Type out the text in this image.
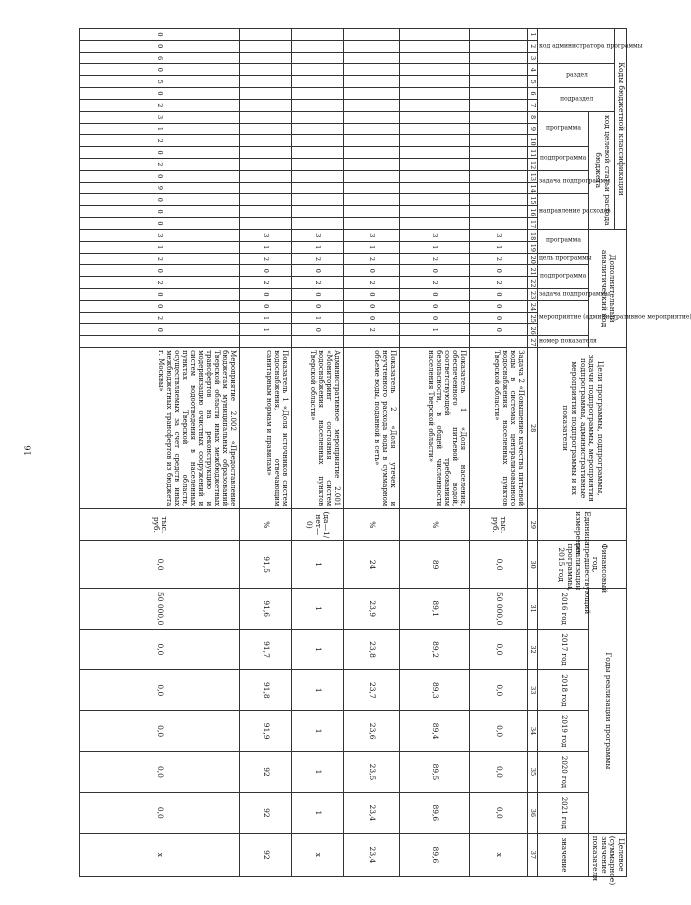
16
Коды бюджетной классификации																	Дополнительный аналитический код										Цели программы, подпрограммы, задачи подпрограммы, мероприятия подпрограммы, административные мероприятия подпрограммы и их показатели	Единица измерения	Финансовый год, предшествующий реализации программы, 2015 год	Годы реализации программы						Целевое (суммарное) значение показателя
код администратора программы			раздел		подраздел		код целевой статьи расхода бюджета																													
							программа			подпрограмма		задача подпрограммы		направление расходов			программа		цель программы	подпрограмма		задача подпрограммы	мероприятие (административное мероприятие)			номер показателя				2016 год	2017 год	2018 год	2019 год	2020 год	2021 год	значение
1	2	3	4	5	6	7	8	9	10	11	12	13	14	15	16	17	18	19	20	21	22	23	24	25	26	27	28	29	30	31	32	33	34	35	36	37
																	3	1	2	0	2	0	0	0	0		Задача 2 «Повышение качества питьевой воды в системах централизованного водоснабжения населенных пунктов Тверской области»	тыс. руб.	0,0	50 000,0	0,0	0,0	0,0	0,0	0,0	х
																	3	1	2	0	2	0	0	0	1		Показатель 1 «Доля населения, обеспеченного питьевой водой, соответствующей требованиям безопасности, в общей численности населения Тверской области»	%	89	89,1	89,2	89,3	89,4	89,5	89,6	89,6
																	3	1	2	0	2	0	0	0	2		Показатель 2 «Доля утечек и неучтенного расхода воды в суммарном объеме воды, поданной в сеть»	%	24	23,9	23,8	23,7	23,6	23,5	23,4	23,4
																	3	1	2	0	2	0	0	1	0		Административное мероприятие 2.001 «Мониторинг состояния систем водоснабжения населенных пунктов Тверской области»	(да—1/нет—0)	1	1	1	1	1	1	1	х
																	3	1	2	0	2	0	0	1	1		Показатель 1 «Доля источников систем водоснабжения, отвечающим санитарным нормам и правилам»	%	91,5	91,6	91,7	91,8	91,9	92	92	92
0	0	6	0	5	0	2	3	1	2	0	2	0	9	0	0	0	3	1	2	0	2	0	0	2	0		Мероприятие 2.002 «Предоставление бюджетам муниципальных образований Тверской области иных межбюджетных трансфертов на реконструкцию и модернизацию очистных сооружений и систем водоотведения в населенных пунктах Тверской области, осуществляемых за счет средств иных межбюджетных трансфертов из бюджета г. Москвы»	тыс. руб.	0,0	50 000,0	0,0	0,0	0,0	0,0	0,0	х
